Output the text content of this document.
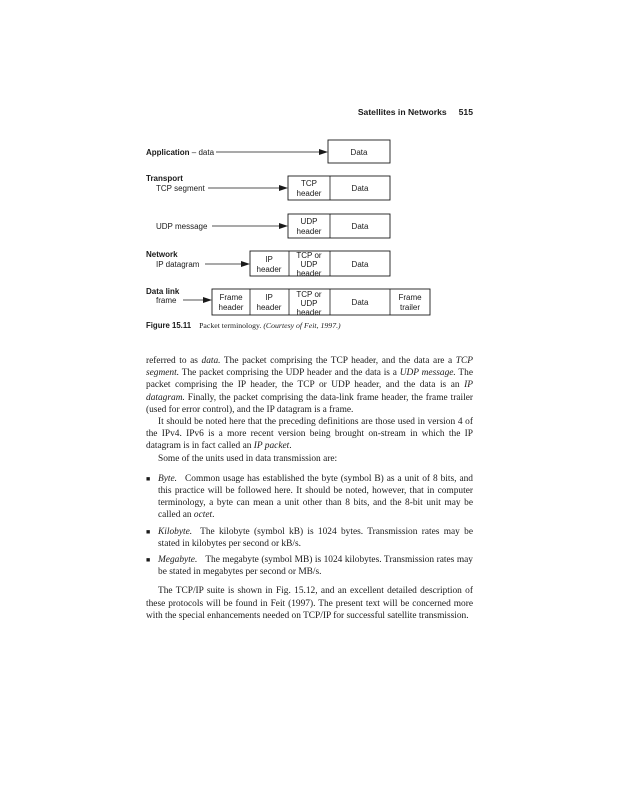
Satellites in Networks 515
Application – data	Data
Transport
TCP segment
TCP
header
Data
UDP message
UDP
header
Data
Network
IP datagram
IP
header
TCP or
UDP
header
Data
Data link
frame	Frame
header
IP
header
TCP or
UDP
header
Data
Frame
trailer
Figure 15.11 Packet terminology. (Courtesy of Feit, 1997.)

referred to as data. The packet comprising the TCP header, and the data are a TCP segment. The packet comprising the UDP header and the data is a UDP message. The packet comprising the IP header, the TCP or UDP header, and the data is an IP datagram. Finally, the packet comprising the data-link frame header, the frame trailer (used for error control), and the IP datagram is a frame.

It should be noted here that the preceding definitions are those used in version 4 of the IPv4. IPv6 is a more recent version being brought on-stream in which the IP datagram is in fact called an IP packet.

Some of the units used in data transmission are:

■ Byte. Common usage has established the byte (symbol B) as a unit of 8 bits, and this practice will be followed here. It should be noted, however, that in computer terminology, a byte can mean a unit other than 8 bits, and the 8-bit unit may be called an octet.
■ Kilobyte. The kilobyte (symbol kB) is 1024 bytes. Transmission rates may be stated in kilobytes per second or kB/s.
■ Megabyte. The megabyte (symbol MB) is 1024 kilobytes. Transmission rates may be stated in megabytes per second or MB/s.

The TCP/IP suite is shown in Fig. 15.12, and an excellent detailed description of these protocols will be found in Feit (1997). The present text will be concerned more with the special enhancements needed on TCP/IP for successful satellite transmission.
